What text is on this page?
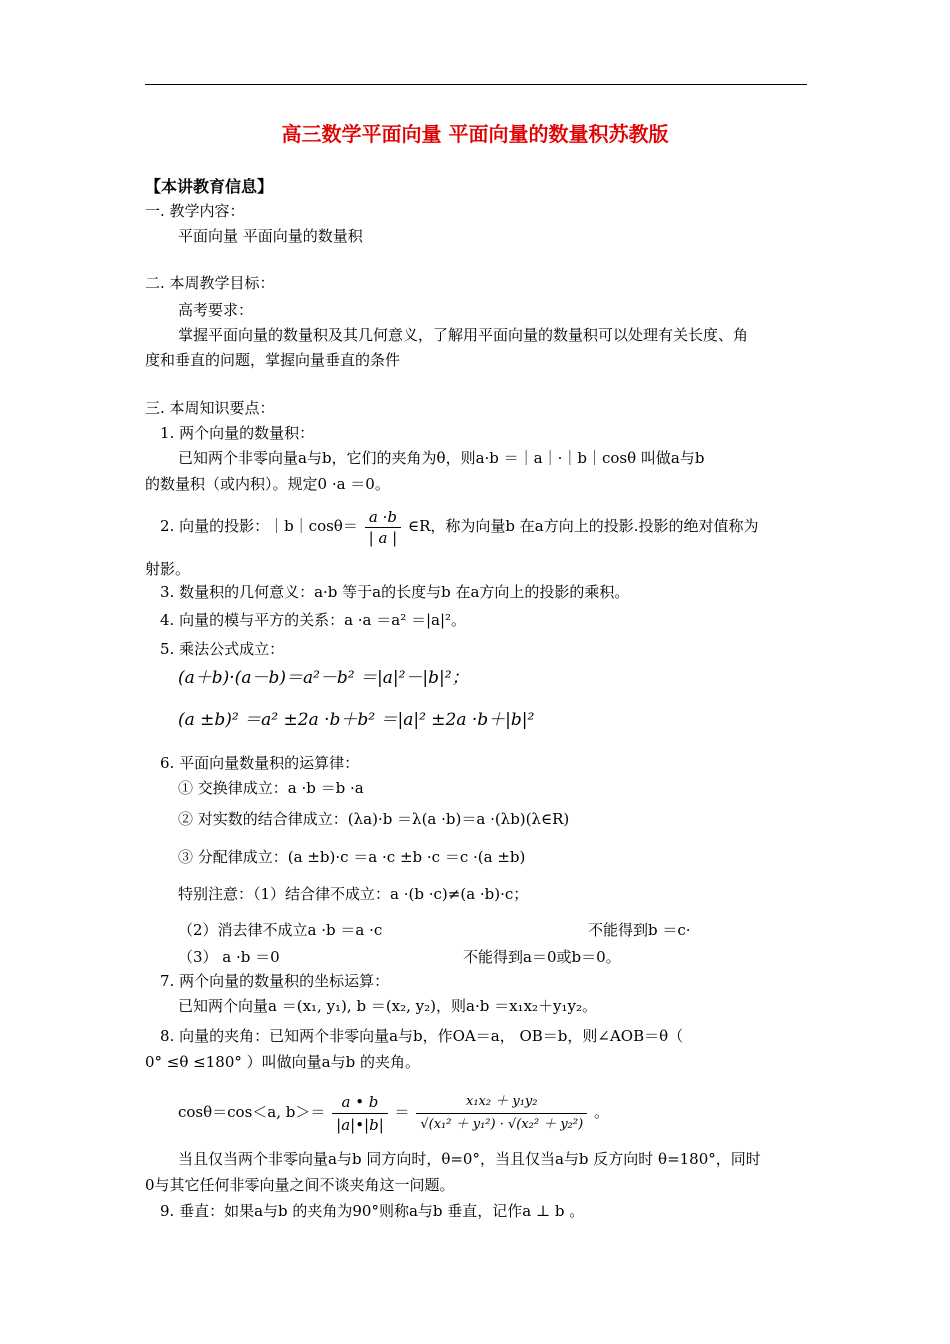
高三数学平面向量 平面向量的数量积苏教版
【本讲教育信息】
一. 教学内容：
平面向量 平面向量的数量积
二. 本周教学目标：
高考要求：
掌握平面向量的数量积及其几何意义，了解用平面向量的数量积可以处理有关长度、角
度和垂直的问题，掌握向量垂直的条件
三. 本周知识要点：
1. 两个向量的数量积：
已知两个非零向量a与b，它们的夹角为θ，则a·b ＝｜a｜·｜b｜cosθ 叫做a与b
的数量积（或内积）。规定0 ·a ＝0。
2. 向量的投影：｜b｜cosθ＝ $\frac{a \cdot b}{| a |}$ ∈R，称为向量b 在a方向上的投影.投影的绝对值称为
射影。
3. 数量积的几何意义：a·b 等于a的长度与b 在a方向上的投影的乘积。
4. 向量的模与平方的关系：a ·a ＝a² ＝|a|²。
5. 乘法公式成立：
(a＋b)·(a－b)＝a²－b² ＝|a|²－|b|²；
(a ±b)² ＝a² ±2a ·b＋b² ＝|a|² ±2a ·b＋|b|²
6. 平面向量数量积的运算律：
① 交换律成立：a ·b ＝b ·a
② 对实数的结合律成立：(λa)·b ＝λ(a ·b)＝a ·(λb)(λ∈R)
③ 分配律成立：(a ±b)·c ＝a ·c ±b ·c ＝c ·(a ±b)
特别注意：（1）结合律不成立：a ·(b ·c)≠(a ·b)·c；
（2）消去律不成立a ·b ＝a ·c	不能得到b ＝c·
（3） a ·b ＝0	不能得到a＝0或b＝0。
7. 两个向量的数量积的坐标运算：
已知两个向量a ＝(x₁, y₁), b ＝(x₂, y₂)，则a·b ＝x₁x₂＋y₁y₂。
8. 向量的夹角：已知两个非零向量a与b，作OA＝a， OB＝b，则∠AOB＝θ（
0° ≤θ ≤180° ）叫做向量a与b 的夹角。
cosθ＝cos＜a, $b>= \frac{a • b}{|a|•|b|} = \frac{\text{x₁x₂ ＋ y₁y₂}}{\text{√(x₁² ＋ y₁²) · √(x₂² ＋ y₂²)}}$ 。
当且仅当两个非零向量a与b 同方向时，θ=0°，当且仅当a与b 反方向时 θ=180°，同时
0与其它任何非零向量之间不谈夹角这一问题。
9. 垂直：如果a与b 的夹角为90°则称a与b 垂直，记作a ⊥ b 。
